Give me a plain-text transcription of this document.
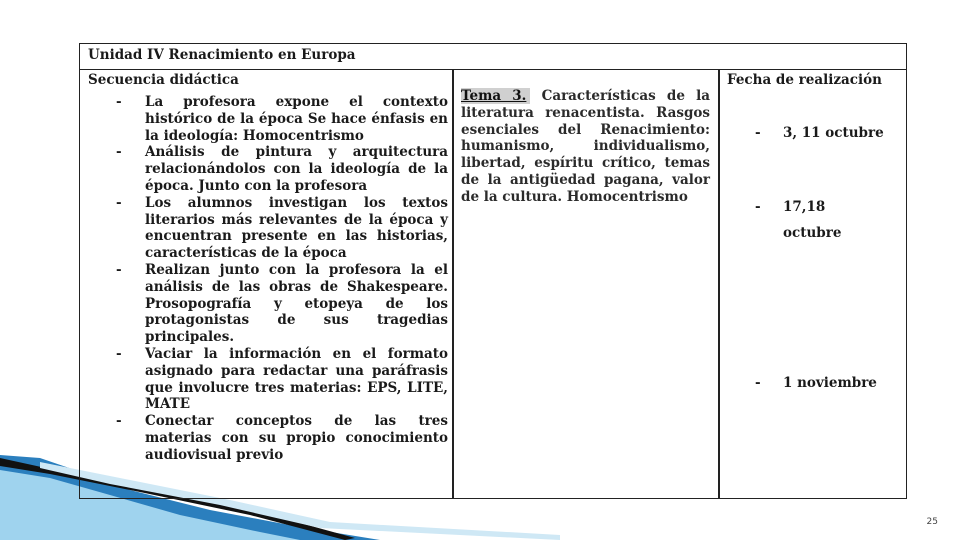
Unidad IV Renacimiento en Europa
Secuencia didáctica

- La profesora expone el contexto histórico de la época Se hace énfasis en la ideología: Homocentrismo

- Análisis de pintura y arquitectura relacionándolos con la ideología de la época. Junto con la profesora

- Los alumnos investigan los textos literarios más relevantes de la época y encuentran presente en las historias, características de la época

- Realizan junto con la profesora la el análisis de las obras de Shakespeare. Prosopografía y etopeya de los protagonistas de sus tragedias principales.

- Vaciar la información en el formato asignado para redactar una paráfrasis que involucre tres materias: EPS, LITE, MATE

- Conectar conceptos de las tres materias con su propio conocimiento audiovisual previo

Tema 3. Características de la literatura renacentista. Rasgos esenciales del Renacimiento: humanismo, individualismo, libertad, espíritu crítico, temas de la antigüedad pagana, valor de la cultura. Homocentrismo
Fecha de realización
- 3, 11 octubre
- 17,18
octubre
- 1 noviembre
25
